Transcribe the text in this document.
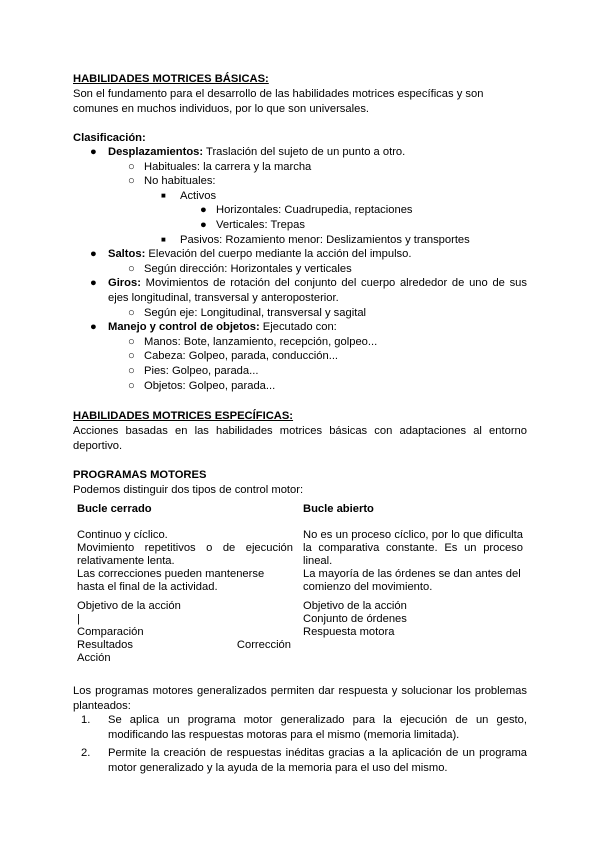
HABILIDADES MOTRICES BÁSICAS:
Son el fundamento para el desarrollo de las habilidades motrices específicas y son comunes en muchos individuos, por lo que son universales.
Clasificación:
● Desplazamientos: Traslación del sujeto de un punto a otro.
○ Habituales: la carrera y la marcha
○ No habituales:
■ Activos
● Horizontales: Cuadrupedia, reptaciones
● Verticales: Trepas
■ Pasivos: Rozamiento menor: Deslizamientos y transportes
● Saltos: Elevación del cuerpo mediante la acción del impulso.
○ Según dirección: Horizontales y verticales
● Giros: Movimientos de rotación del conjunto del cuerpo alrededor de uno de sus ejes longitudinal, transversal y anteroposterior.
○ Según eje: Longitudinal, transversal y sagital
● Manejo y control de objetos: Ejecutado con:
○ Manos: Bote, lanzamiento, recepción, golpeo...
○ Cabeza: Golpeo, parada, conducción...
○ Pies: Golpeo, parada...
○ Objetos: Golpeo, parada...
HABILIDADES MOTRICES ESPECÍFICAS:
Acciones basadas en las habilidades motrices básicas con adaptaciones al entorno deportivo.
PROGRAMAS MOTORES
Podemos distinguir dos tipos de control motor:
Bucle cerrado
Continuo y cíclico.
Movimiento repetitivos o de ejecución relativamente lenta.
Las correcciones pueden mantenerse hasta el final de la actividad.
Bucle abierto
No es un proceso cíclico, por lo que dificulta la comparativa constante. Es un proceso lineal.
La mayoría de las órdenes se dan antes del comienzo del movimiento.
Objetivo de la acción
|
Comparación
Resultados	Corrección
Acción
Objetivo de la acción
Conjunto de órdenes
Respuesta motora
Los programas motores generalizados permiten dar respuesta y solucionar los problemas planteados:
1. Se aplica un programa motor generalizado para la ejecución de un gesto, modificando las respuestas motoras para el mismo (memoria limitada).
2. Permite la creación de respuestas inéditas gracias a la aplicación de un programa motor generalizado y la ayuda de la memoria para el uso del mismo.
